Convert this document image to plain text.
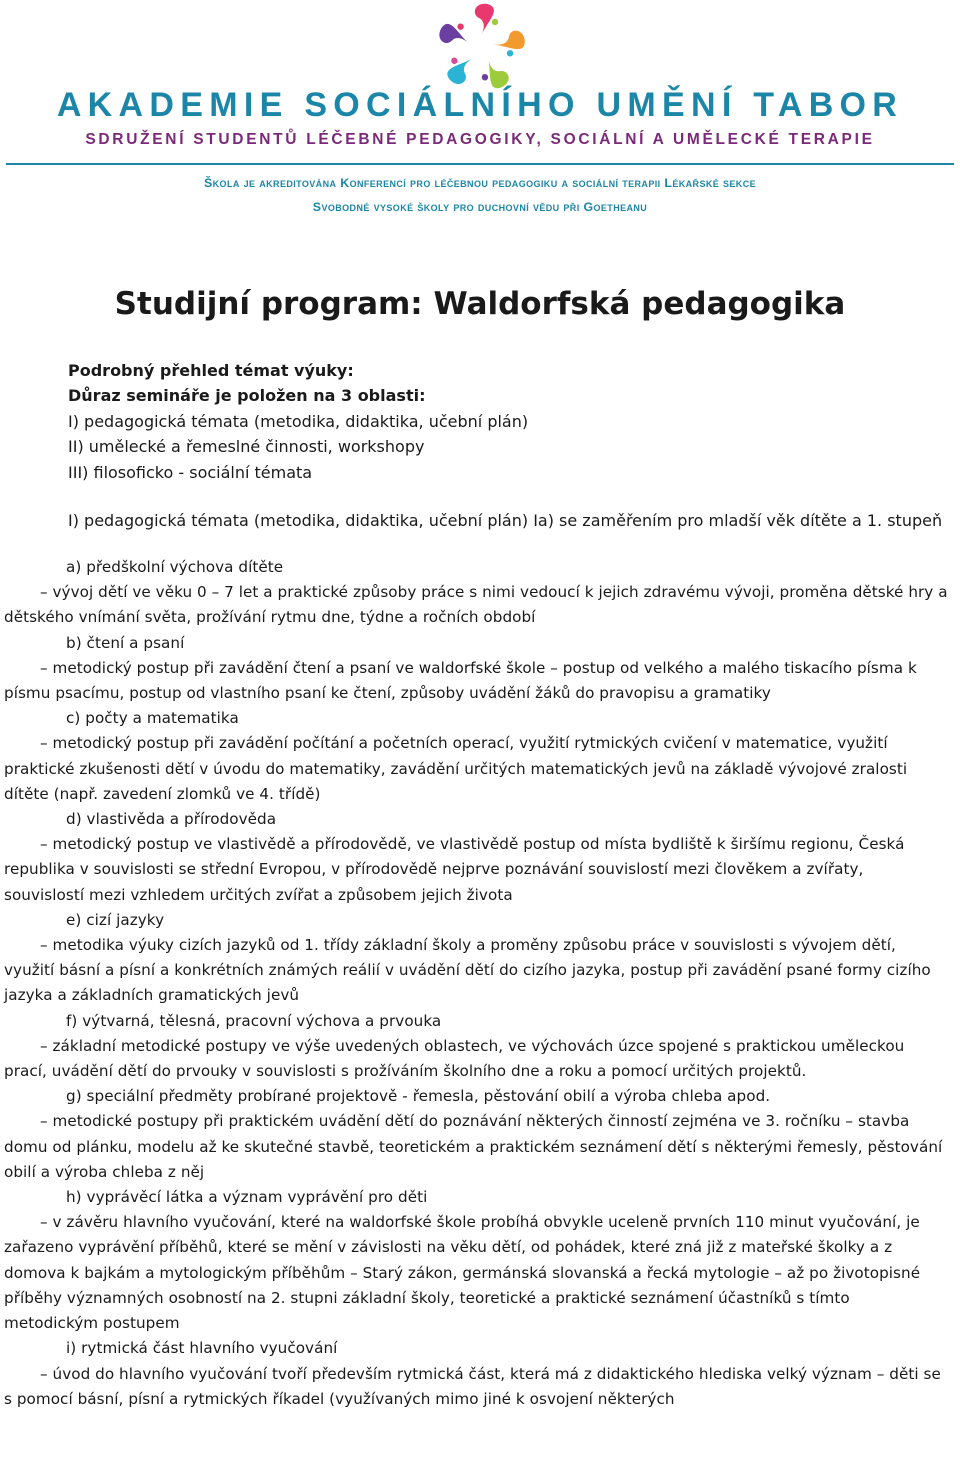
AKADEMIE SOCIÁLNÍHO UMĚNÍ TABOR
SDRUŽENÍ STUDENTŮ LÉČEBNÉ PEDAGOGIKY, SOCIÁLNÍ A UMĚLECKÉ TERAPIE
Škola je akreditována Konferencí pro léčebnou pedagogiku a sociální terapii Lékařské sekce
Svobodné vysoké školy pro duchovní vědu při Goetheanu
Studijní program: Waldorfská pedagogika
Podrobný přehled témat výuky:
Důraz semináře je položen na 3 oblasti:
I) pedagogická témata (metodika, didaktika, učební plán)
II) umělecké a řemeslné činnosti, workshopy
III) filosoficko - sociální témata
I) pedagogická témata (metodika, didaktika, učební plán) Ia) se zaměřením pro mladší věk dítěte a 1. stupeň

a) předškolní výchova dítěte

– vývoj dětí ve věku 0 – 7 let a praktické způsoby práce s nimi vedoucí k jejich zdravému vývoji, proměna dětské hry a dětského vnímání světa, prožívání rytmu dne, týdne a ročních období

b) čtení a psaní

– metodický postup při zavádění čtení a psaní ve waldorfské škole – postup od velkého a malého tiskacího písma k písmu psacímu, postup od vlastního psaní ke čtení, způsoby uvádění žáků do pravopisu a gramatiky

c) počty a matematika

– metodický postup při zavádění počítání a početních operací, využití rytmických cvičení v matematice, využití praktické zkušenosti dětí v úvodu do matematiky, zavádění určitých matematických jevů na základě vývojové zralosti dítěte (např. zavedení zlomků ve 4. třídě)

d) vlastivěda a přírodověda

– metodický postup ve vlastivědě a přírodovědě, ve vlastivědě postup od místa bydliště k širšímu regionu, Česká republika v souvislosti se střední Evropou, v přírodovědě nejprve poznávání souvislostí mezi člověkem a zvířaty, souvislostí mezi vzhledem určitých zvířat a způsobem jejich života

e) cizí jazyky

– metodika výuky cizích jazyků od 1. třídy základní školy a proměny způsobu práce v souvislosti s vývojem dětí, využití básní a písní a konkrétních známých reálií v uvádění dětí do cizího jazyka, postup při zavádění psané formy cizího jazyka a základních gramatických jevů

f) výtvarná, tělesná, pracovní výchova a prvouka

– základní metodické postupy ve výše uvedených oblastech, ve výchovách úzce spojené s praktickou uměleckou prací, uvádění dětí do prvouky v souvislosti s prožíváním školního dne a roku a pomocí určitých projektů.

g) speciální předměty probírané projektově - řemesla, pěstování obilí a výroba chleba apod.

– metodické postupy při praktickém uvádění dětí do poznávání některých činností zejména ve 3. ročníku – stavba domu od plánku, modelu až ke skutečné stavbě, teoretickém a praktickém seznámení dětí s některými řemesly, pěstování obilí a výroba chleba z něj

h) vyprávěcí látka a význam vyprávění pro děti

– v závěru hlavního vyučování, které na waldorfské škole probíhá obvykle uceleně prvních 110 minut vyučování, je zařazeno vyprávění příběhů, které se mění v závislosti na věku dětí, od pohádek, které zná již z mateřské školky a z domova k bajkám a mytologickým příběhům – Starý zákon, germánská slovanská a řecká mytologie – až po životopisné příběhy významných osobností na 2. stupni základní školy, teoretické a praktické seznámení účastníků s tímto metodickým postupem

i) rytmická část hlavního vyučování

– úvod do hlavního vyučování tvoří především rytmická část, která má z didaktického hlediska velký význam – děti se s pomocí básní, písní a rytmických říkadel (využívaných mimo jiné k osvojení některých
